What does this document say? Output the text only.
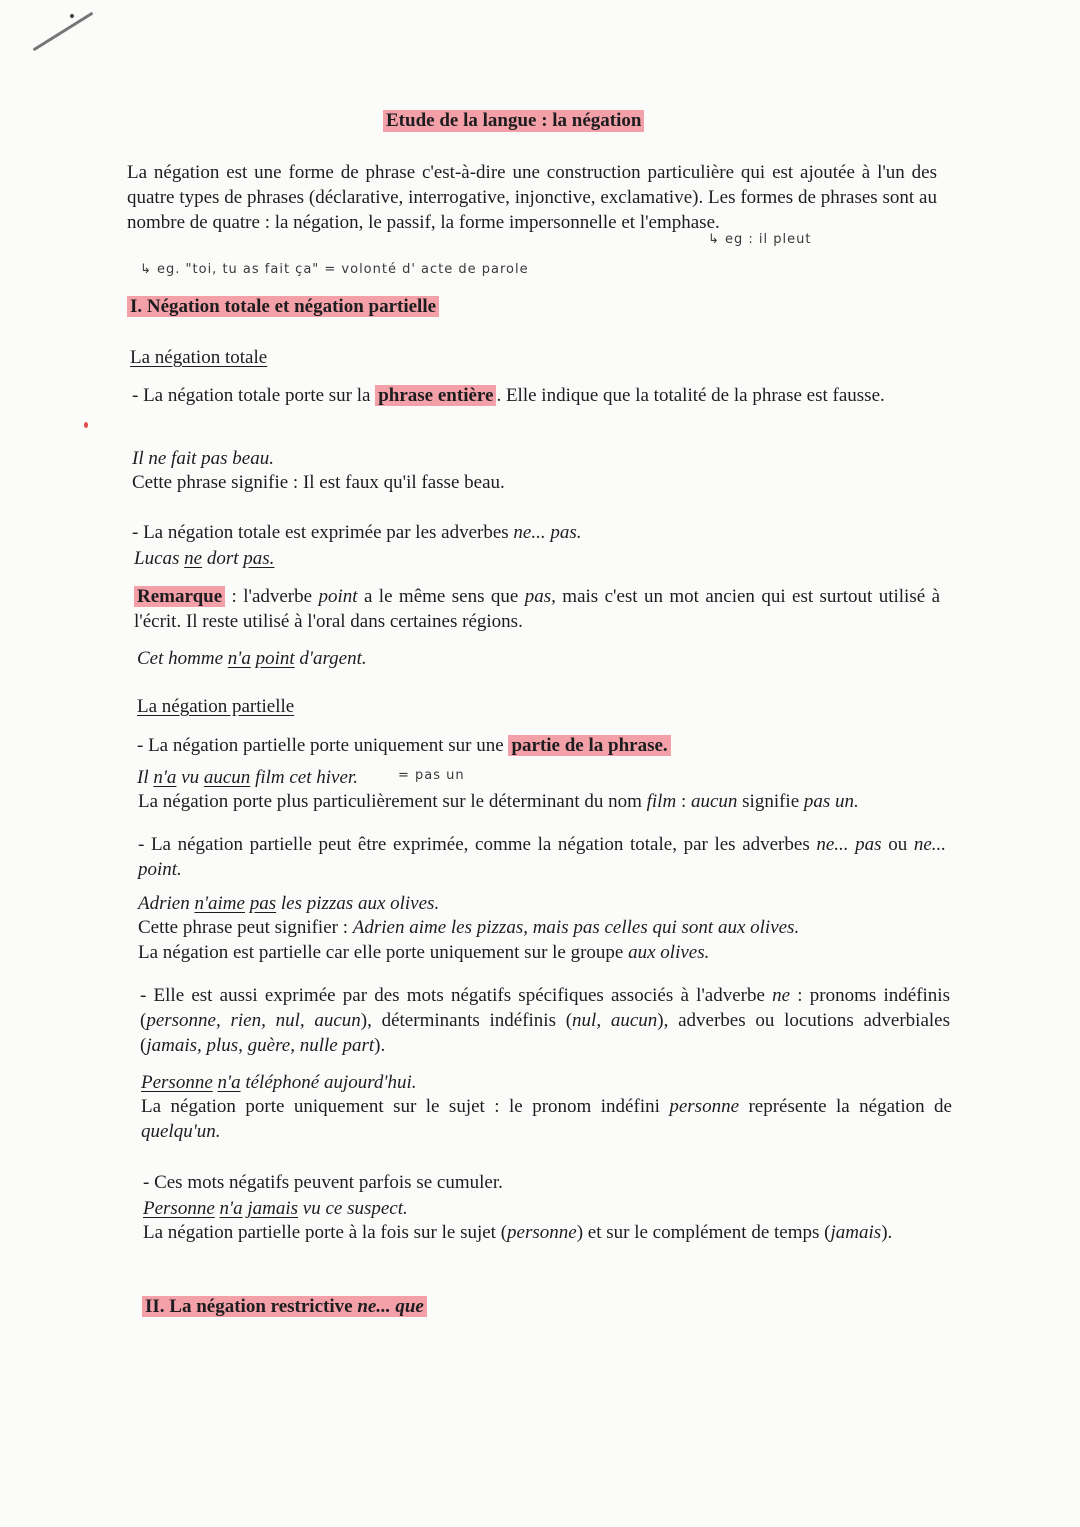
Etude de la langue : la négation
La négation est une forme de phrase c'est-à-dire une construction particulière qui est ajoutée à l'un des quatre types de phrases (déclarative, interrogative, injonctive, exclamative). Les formes de phrases sont au nombre de quatre : la négation, le passif, la forme impersonnelle et l'emphase.
↳ eg : il pleut
↳ eg. "toi, tu as fait ça" = volonté d' acte de parole
I. Négation totale et négation partielle
La négation totale
- La négation totale porte sur la phrase entière . Elle indique que la totalité de la phrase est fausse.
Il ne fait pas beau.
Cette phrase signifie : Il est faux qu'il fasse beau.
- La négation totale est exprimée par les adverbes ne... pas.
Lucas ne dort pas.
Remarque : l'adverbe point a le même sens que pas, mais c'est un mot ancien qui est surtout utilisé à l'écrit. Il reste utilisé à l'oral dans certaines régions.
Cet homme n'a point d'argent.
La négation partielle
- La négation partielle porte uniquement sur une partie de la phrase.
Il n'a vu aucun film cet hiver.	= pas un
La négation porte plus particulièrement sur le déterminant du nom film : aucun signifie pas un.
- La négation partielle peut être exprimée, comme la négation totale, par les adverbes ne... pas ou ne... point.
Adrien n'aime pas les pizzas aux olives.
Cette phrase peut signifier : Adrien aime les pizzas, mais pas celles qui sont aux olives.
La négation est partielle car elle porte uniquement sur le groupe aux olives.
- Elle est aussi exprimée par des mots négatifs spécifiques associés à l'adverbe ne : pronoms indéfinis (personne, rien, nul, aucun), déterminants indéfinis (nul, aucun), adverbes ou locutions adverbiales (jamais, plus, guère, nulle part).
Personne n'a téléphoné aujourd'hui.
La négation porte uniquement sur le sujet : le pronom indéfini personne représente la négation de quelqu'un.
- Ces mots négatifs peuvent parfois se cumuler.
Personne n'a jamais vu ce suspect.
La négation partielle porte à la fois sur le sujet (personne) et sur le complément de temps (jamais).
II. La négation restrictive ne... que
